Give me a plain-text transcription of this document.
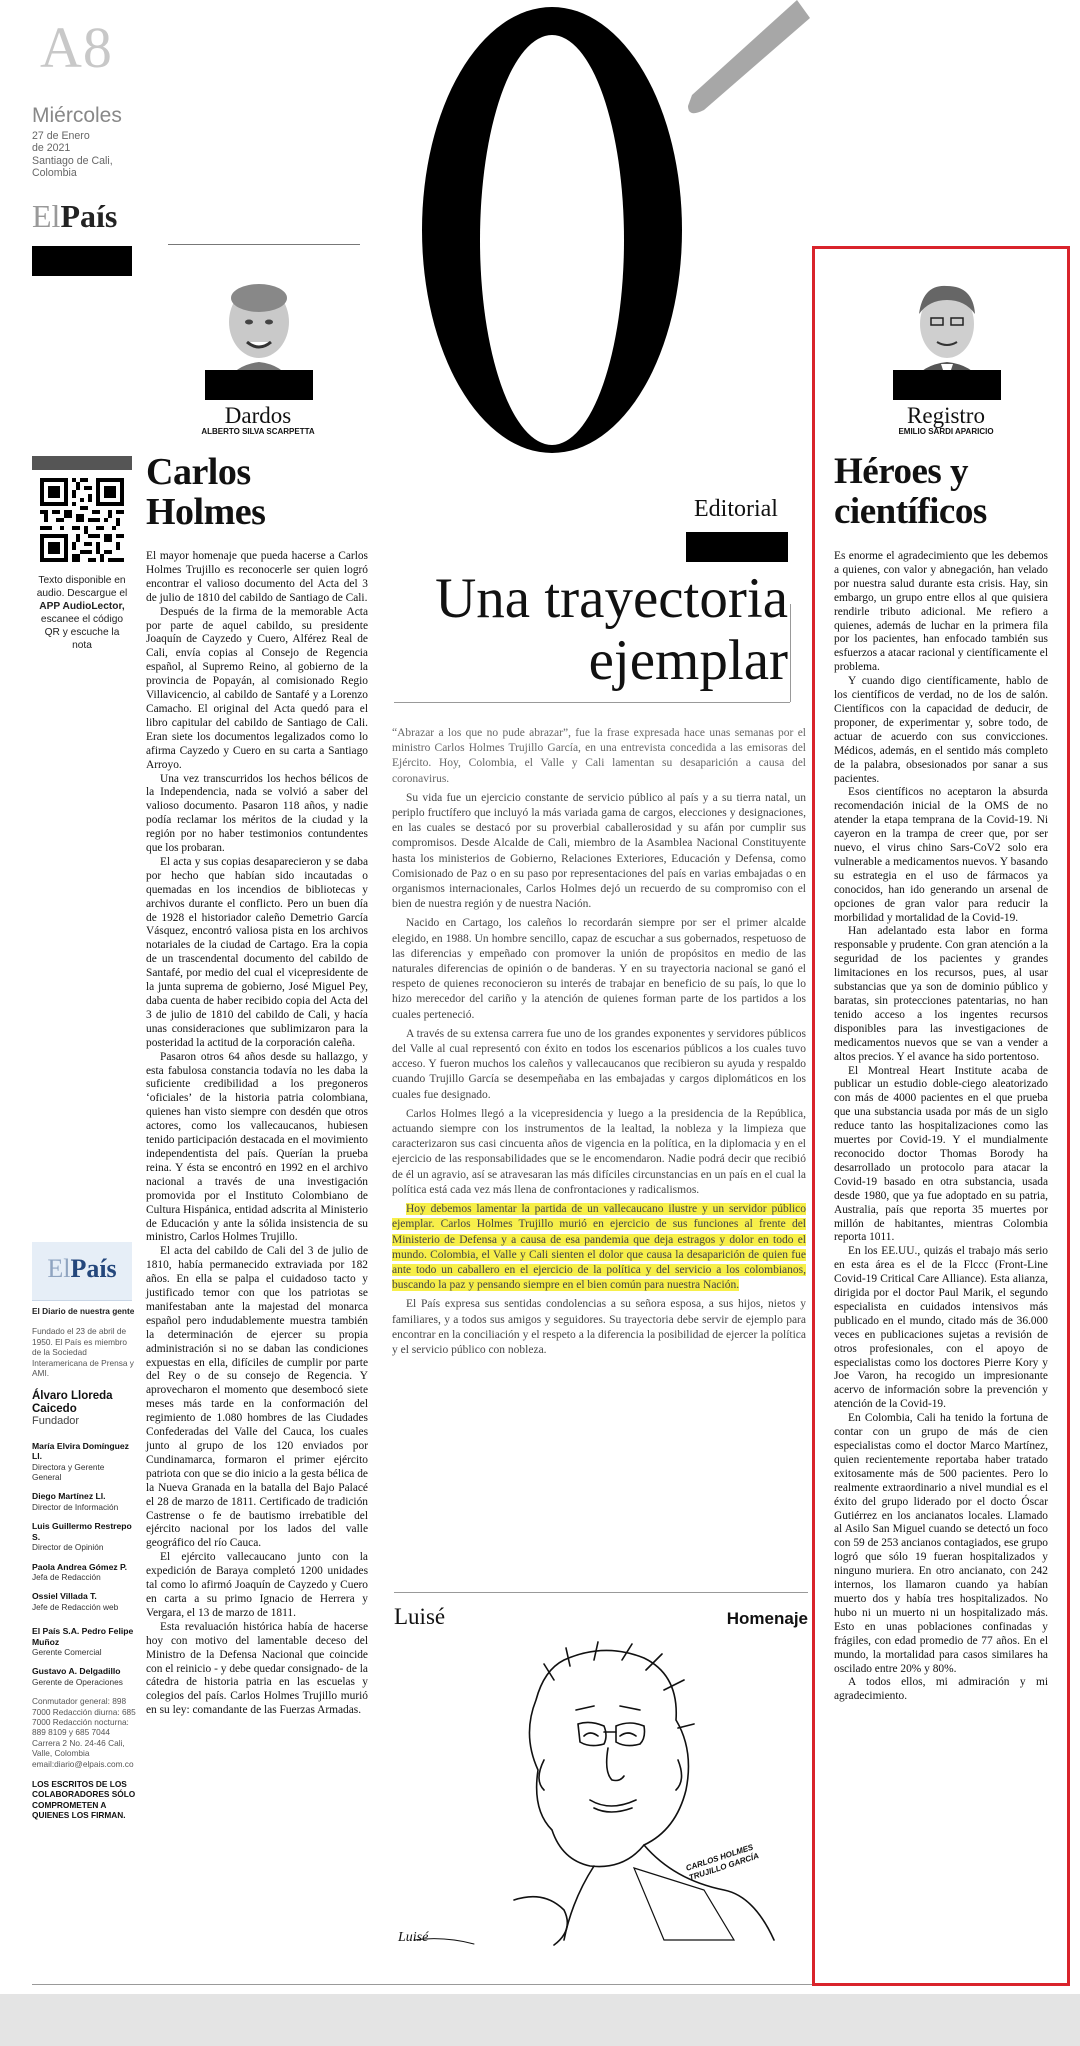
A8
Miércoles
27 de Enero
de 2021
Santiago de Cali,
Colombia
ElPaís
Texto disponible en
audio. Descargue el
APP AudioLector,
escanee el código
QR y escuche la
nota
ElPaís
El Diario de nuestra gente
Fundado el 23 de abril de 1950. El País es miembro de la Sociedad Interamericana de Prensa y AMI.
Álvaro Lloreda Caicedo
Fundador
María Elvira Domínguez Ll.
Directora y Gerente General
Diego Martínez Ll.
Director de Información
Luis Guillermo Restrepo S.
Director de Opinión
Paola Andrea Gómez P.
Jefa de Redacción
Ossiel Villada T.
Jefe de Redacción web
El País S.A. Pedro Felipe Muñoz
Gerente Comercial
Gustavo A. Delgadillo
Gerente de Operaciones
Conmutador general: 898 7000 Redacción diurna: 685 7000 Redacción nocturna: 889 8109 y 685 7044 Carrera 2 No. 24-46 Cali, Valle, Colombia email:diario@elpais.com.co
LOS ESCRITOS DE LOS COLABORADORES SÓLO COMPROMETEN A QUIENES LOS FIRMAN.
Dardos
ALBERTO SILVA SCARPETTA
Carlos
Holmes

El mayor homenaje que pueda hacerse a Carlos Holmes Trujillo es reconocerle ser quien logró encontrar el valioso documento del Acta del 3 de julio de 1810 del cabildo de Santiago de Cali.

Después de la firma de la memorable Acta por parte de aquel cabildo, su presidente Joaquín de Cayzedo y Cuero, Alférez Real de Cali, envía copias al Consejo de Regencia español, al Supremo Reino, al gobierno de la provincia de Popayán, al comisionado Regio Villavicencio, al cabildo de Santafé y a Lorenzo Camacho. El original del Acta quedó para el libro capitular del cabildo de Santiago de Cali. Eran siete los documentos legalizados como lo afirma Cayzedo y Cuero en su carta a Santiago Arroyo.

Una vez transcurridos los hechos bélicos de la Independencia, nada se volvió a saber del valioso documento. Pasaron 118 años, y nadie podía reclamar los méritos de la ciudad y la región por no haber testimonios contundentes que los probaran.

El acta y sus copias desaparecieron y se daba por hecho que habían sido incautadas o quemadas en los incendios de bibliotecas y archivos durante el conflicto. Pero un buen día de 1928 el historiador caleño Demetrio García Vásquez, encontró valiosa pista en los archivos notariales de la ciudad de Cartago. Era la copia de un trascendental documento del cabildo de Santafé, por medio del cual el vicepresidente de la junta suprema de gobierno, José Miguel Pey, daba cuenta de haber recibido copia del Acta del 3 de julio de 1810 del cabildo de Cali, y hacía unas consideraciones que sublimizaron para la posteridad la actitud de la corporación caleña.

Pasaron otros 64 años desde su hallazgo, y esta fabulosa constancia todavía no les daba la suficiente credibilidad a los pregoneros ‘oficiales’ de la historia patria colombiana, quienes han visto siempre con desdén que otros actores, como los vallecaucanos, hubiesen tenido participación destacada en el movimiento independentista del país. Querían la prueba reina. Y ésta se encontró en 1992 en el archivo nacional a través de una investigación promovida por el Instituto Colombiano de Cultura Hispánica, entidad adscrita al Ministerio de Educación y ante la sólida insistencia de su ministro, Carlos Holmes Trujillo.

El acta del cabildo de Cali del 3 de julio de 1810, había permanecido extraviada por 182 años. En ella se palpa el cuidadoso tacto y justificado temor con que los patriotas se manifestaban ante la majestad del monarca español pero indudablemente muestra también la determinación de ejercer su propia administración si no se daban las condiciones expuestas en ella, difíciles de cumplir por parte del Rey o de su consejo de Regencia. Y aprovecharon el momento que desembocó siete meses más tarde en la conformación del regimiento de 1.080 hombres de las Ciudades Confederadas del Valle del Cauca, los cuales junto al grupo de los 120 enviados por Cundinamarca, formaron el primer ejército patriota con que se dio inicio a la gesta bélica de la Nueva Granada en la batalla del Bajo Palacé el 28 de marzo de 1811. Certificado de tradición Castrense o fe de bautismo irrebatible del ejército nacional por los lados del valle geográfico del río Cauca.

El ejército vallecaucano junto con la expedición de Baraya completó 1200 unidades tal como lo afirmó Joaquín de Cayzedo y Cuero en carta a su primo Ignacio de Herrera y Vergara, el 13 de marzo de 1811.

Esta revaluación histórica había de hacerse hoy con motivo del lamentable deceso del Ministro de la Defensa Nacional que coincide con el reinicio - y debe quedar consignado- de la cátedra de historia patria en las escuelas y colegios del país. Carlos Holmes Trujillo murió en su ley: comandante de las Fuerzas Armadas.

Editorial
Una trayectoria
ejemplar

“Abrazar a los que no pude abrazar”, fue la frase expresada hace unas semanas por el ministro Carlos Holmes Trujillo García, en una entrevista concedida a las emisoras del Ejército. Hoy, Colombia, el Valle y Cali lamentan su desaparición a causa del coronavirus.

Su vida fue un ejercicio constante de servicio público al país y a su tierra natal, un periplo fructífero que incluyó la más variada gama de cargos, elecciones y designaciones, en las cuales se destacó por su proverbial caballerosidad y su afán por cumplir sus compromisos. Desde Alcalde de Cali, miembro de la Asamblea Nacional Constituyente hasta los ministerios de Gobierno, Relaciones Exteriores, Educación y Defensa, como Comisionado de Paz o en su paso por representaciones del país en varias embajadas o en organismos internacionales, Carlos Holmes dejó un recuerdo de su compromiso con el bien de nuestra región y de nuestra Nación.

Nacido en Cartago, los caleños lo recordarán siempre por ser el primer alcalde elegido, en 1988. Un hombre sencillo, capaz de escuchar a sus gobernados, respetuoso de las diferencias y empeñado con promover la unión de propósitos en medio de las naturales diferencias de opinión o de banderas. Y en su trayectoria nacional se ganó el respeto de quienes reconocieron su interés de trabajar en beneficio de su país, lo que lo hizo merecedor del cariño y la atención de quienes forman parte de los partidos a los cuales perteneció.

A través de su extensa carrera fue uno de los grandes exponentes y servidores públicos del Valle al cual representó con éxito en todos los escenarios públicos a los cuales tuvo acceso. Y fueron muchos los caleños y vallecaucanos que recibieron su ayuda y respaldo cuando Trujillo García se desempeñaba en las embajadas y cargos diplomáticos en los cuales fue designado.

Carlos Holmes llegó a la vicepresidencia y luego a la presidencia de la República, actuando siempre con los instrumentos de la lealtad, la nobleza y la limpieza que caracterizaron sus casi cincuenta años de vigencia en la política, en la diplomacia y en el ejercicio de las responsabilidades que se le encomendaron. Nadie podrá decir que recibió de él un agravio, así se atravesaran las más difíciles circunstancias en un país en el cual la política está cada vez más llena de confrontaciones y radicalismos.

Hoy debemos lamentar la partida de un vallecaucano ilustre y un servidor público ejemplar. Carlos Holmes Trujillo murió en ejercicio de sus funciones al frente del Ministerio de Defensa y a causa de esa pandemia que deja estragos y dolor en todo el mundo. Colombia, el Valle y Cali sienten el dolor que causa la desaparición de quien fue ante todo un caballero en el ejercicio de la política y del servicio a los colombianos, buscando la paz y pensando siempre en el bien común para nuestra Nación.

El País expresa sus sentidas condolencias a su señora esposa, a sus hijos, nietos y familiares, y a todos sus amigos y seguidores. Su trayectoria debe servir de ejemplo para encontrar en la conciliación y el respeto a la diferencia la posibilidad de ejercer la política y el servicio público con nobleza.

Luisé	Homenaje
CARLOS HOLMES TRUJILLO GARCÍA
Luisé
Registro
EMILIO SARDI APARICIO
Héroes y
científicos

Es enorme el agradecimiento que les debemos a quienes, con valor y abnegación, han velado por nuestra salud durante esta crisis. Hay, sin embargo, un grupo entre ellos al que quisiera rendirle tributo adicional. Me refiero a quienes, además de luchar en la primera fila por los pacientes, han enfocado también sus esfuerzos a atacar racional y científicamente el problema.

Y cuando digo científicamente, hablo de los científicos de verdad, no de los de salón. Científicos con la capacidad de deducir, de proponer, de experimentar y, sobre todo, de actuar de acuerdo con sus convicciones. Médicos, además, en el sentido más completo de la palabra, obsesionados por sanar a sus pacientes.

Esos científicos no aceptaron la absurda recomendación inicial de la OMS de no atender la etapa temprana de la Covid-19. Ni cayeron en la trampa de creer que, por ser nuevo, el virus chino Sars-CoV2 solo era vulnerable a medicamentos nuevos. Y basando su estrategia en el uso de fármacos ya conocidos, han ido generando un arsenal de opciones de gran valor para reducir la morbilidad y mortalidad de la Covid-19.

Han adelantado esta labor en forma responsable y prudente. Con gran atención a la seguridad de los pacientes y grandes limitaciones en los recursos, pues, al usar substancias que ya son de dominio público y baratas, sin protecciones patentarias, no han tenido acceso a los ingentes recursos disponibles para las investigaciones de medicamentos nuevos que se van a vender a altos precios. Y el avance ha sido portentoso.

El Montreal Heart Institute acaba de publicar un estudio doble-ciego aleatorizado con más de 4000 pacientes en el que prueba que una substancia usada por más de un siglo reduce tanto las hospitalizaciones como las muertes por Covid-19. Y el mundialmente reconocido doctor Thomas Borody ha desarrollado un protocolo para atacar la Covid-19 basado en otra substancia, usada desde 1980, que ya fue adoptado en su patria, Australia, país que reporta 35 muertes por millón de habitantes, mientras Colombia reporta 1011.

En los EE.UU., quizás el trabajo más serio en esta área es el de la Flccc (Front-Line Covid-19 Critical Care Alliance). Esta alianza, dirigida por el doctor Paul Marik, el segundo especialista en cuidados intensivos más publicado en el mundo, citado más de 36.000 veces en publicaciones sujetas a revisión de otros profesionales, con el apoyo de especialistas como los doctores Pierre Kory y Joe Varon, ha recogido un impresionante acervo de información sobre la prevención y atención de la Covid-19.

En Colombia, Cali ha tenido la fortuna de contar con un grupo de más de cien especialistas como el doctor Marco Martínez, quien recientemente reportaba haber tratado exitosamente más de 500 pacientes. Pero lo realmente extraordinario a nivel mundial es el éxito del grupo liderado por el docto Óscar Gutiérrez en los ancianatos locales. Llamado al Asilo San Miguel cuando se detectó un foco con 59 de 253 ancianos contagiados, ese grupo logró que sólo 19 fueran hospitalizados y ninguno muriera. En otro ancianato, con 242 internos, los llamaron cuando ya habían muerto dos y había tres hospitalizados. No hubo ni un muerto ni un hospitalizado más. Esto en unas poblaciones confinadas y frágiles, con edad promedio de 77 años. En el mundo, la mortalidad para casos similares ha oscilado entre 20% y 80%.

A todos ellos, mi admiración y mi agradecimiento.
